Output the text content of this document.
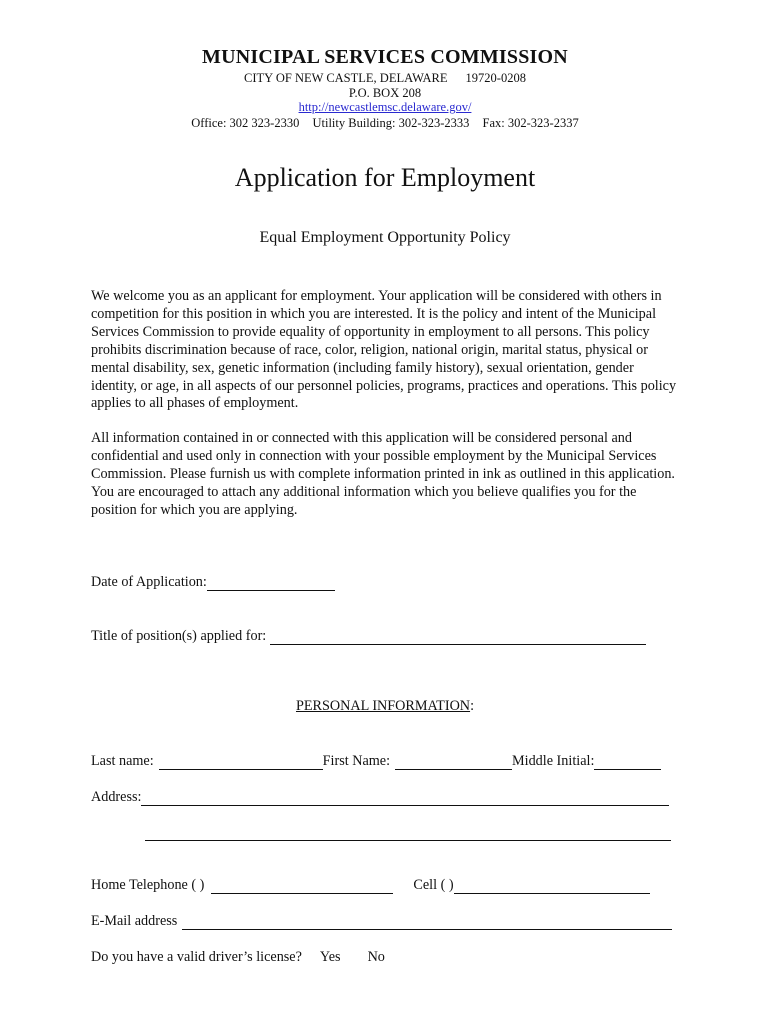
MUNICIPAL SERVICES COMMISSION
CITY OF NEW CASTLE, DELAWARE 19720-0208
P.O. BOX 208
http://newcastlemsc.delaware.gov/
Office: 302 323-2330 Utility Building: 302-323-2333 Fax: 302-323-2337
Application for Employment
Equal Employment Opportunity Policy
We welcome you as an applicant for employment. Your application will be considered with others in competition for this position in which you are interested. It is the policy and intent of the Municipal Services Commission to provide equality of opportunity in employment to all persons. This policy prohibits discrimination because of race, color, religion, national origin, marital status, physical or mental disability, sex, genetic information (including family history), sexual orientation, gender identity, or age, in all aspects of our personnel policies, programs, practices and operations. This policy applies to all phases of employment.
All information contained in or connected with this application will be considered personal and confidential and used only in connection with your possible employment by the Municipal Services Commission. Please furnish us with complete information printed in ink as outlined in this application. You are encouraged to attach any additional information which you believe qualifies you for the position for which you are applying.
Date of Application:
Title of position(s) applied for:
PERSONAL INFORMATION:
Last name:	First Name:	Middle Initial:
Address:
Home Telephone ( )	Cell ( )
E-Mail address
Do you have a valid driver’s license? Yes No
